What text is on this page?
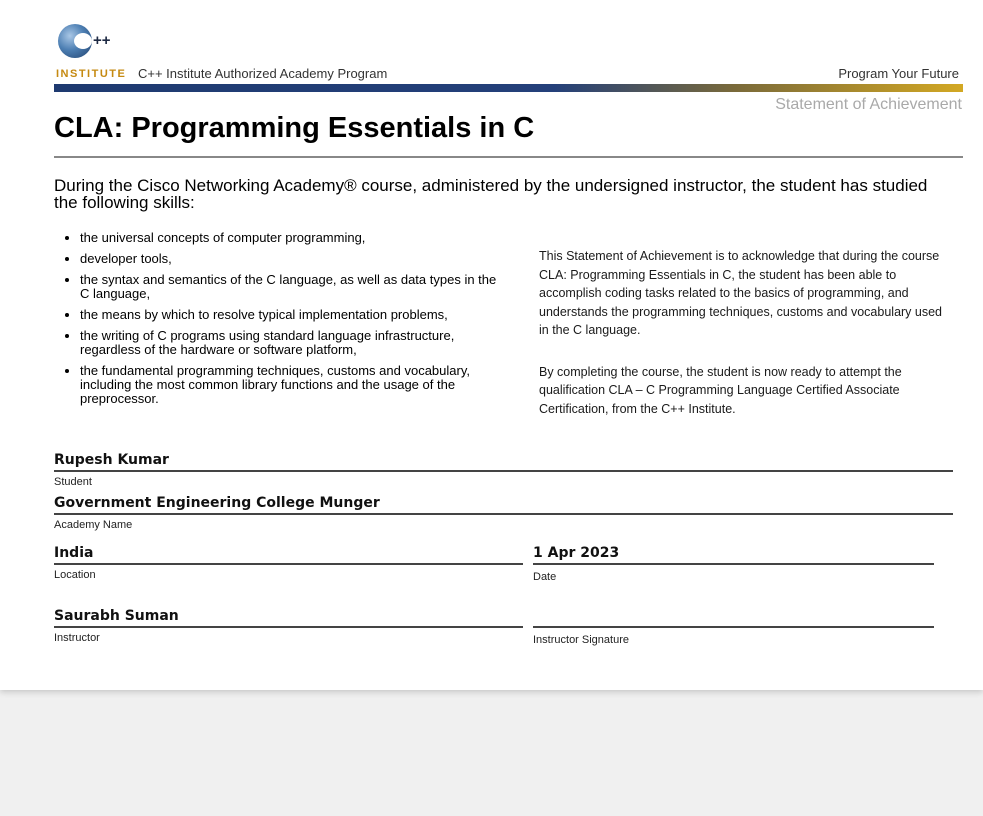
++
INSTITUTE C++ Institute Authorized Academy Program	Program Your Future
Statement of Achievement
CLA: Programming Essentials in C

During the Cisco Networking Academy® course, administered by the undersigned instructor, the student has studied the following skills:

• the universal concepts of computer programming,
• developer tools,
• the syntax and semantics of the C language, as well as data types in the C language,
• the means by which to resolve typical implementation problems,
• the writing of C programs using standard language infrastructure, regardless of the hardware or software platform,
• the fundamental programming techniques, customs and vocabulary, including the most common library functions and the usage of the preprocessor.

This Statement of Achievement is to acknowledge that during the course CLA: Programming Essentials in C, the student has been able to accomplish coding tasks related to the basics of programming, and understands the programming techniques, customs and vocabulary used in the C language.

By completing the course, the student is now ready to attempt the qualification CLA – C Programming Language Certified Associate Certification, from the C++ Institute.

Rupesh Kumar
Student
Government Engineering College Munger
Academy Name
India
Location
1 Apr 2023
Date
Saurabh Suman
Instructor	Instructor Signature
